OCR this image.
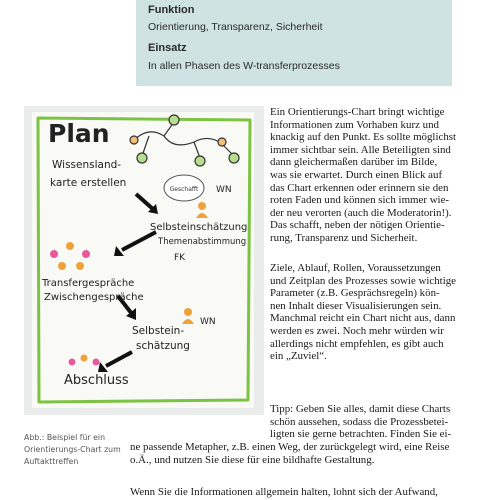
Funktion
Orientierung, Transparenz, Sicherheit
Einsatz
In allen Phasen des W-transferprozesses
Plan
Wissensland-
karte erstellen
Geschafft WN
Selbsteinschätzung
Themenabstimmung
FK
Transfergespräche
Zwischengespräche
WN
Selbstein-
schätzung
Abschluss
Abb.: Beispiel für ein
Orientierungs-Chart zum
Auftakttreffen
Ein Orientierungs-Chart bringt wichtige
Informationen zum Vorhaben kurz und
knackig auf den Punkt. Es sollte möglichst
immer sichtbar sein. Alle Beteiligten sind
dann gleichermaßen darüber im Bilde,
was sie erwartet. Durch einen Blick auf
das Chart erkennen oder erinnern sie den
roten Faden und können sich immer wie-
der neu verorten (auch die Moderatorin!).
Das schafft, neben der nötigen Orientie-
rung, Transparenz und Sicherheit.
Ziele, Ablauf, Rollen, Voraussetzungen
und Zeitplan des Prozesses sowie wichtige
Parameter (z.B. Gesprächsregeln) kön-
nen Inhalt dieser Visualisierungen sein.
Manchmal reicht ein Chart nicht aus, dann
werden es zwei. Noch mehr würden wir
allerdings nicht empfehlen, es gibt auch
ein „Zuviel“.
Tipp: Geben Sie alles, damit diese Charts
schön aussehen, sodass die Prozessbetei-
ligten sie gerne betrachten. Finden Sie ei-
ne passende Metapher, z.B. einen Weg, der zurückgelegt wird, eine Reise
o.Ä., und nutzen Sie diese für eine bildhafte Gestaltung.
Wenn Sie die Informationen allgemein halten, lohnt sich der Aufwand,
